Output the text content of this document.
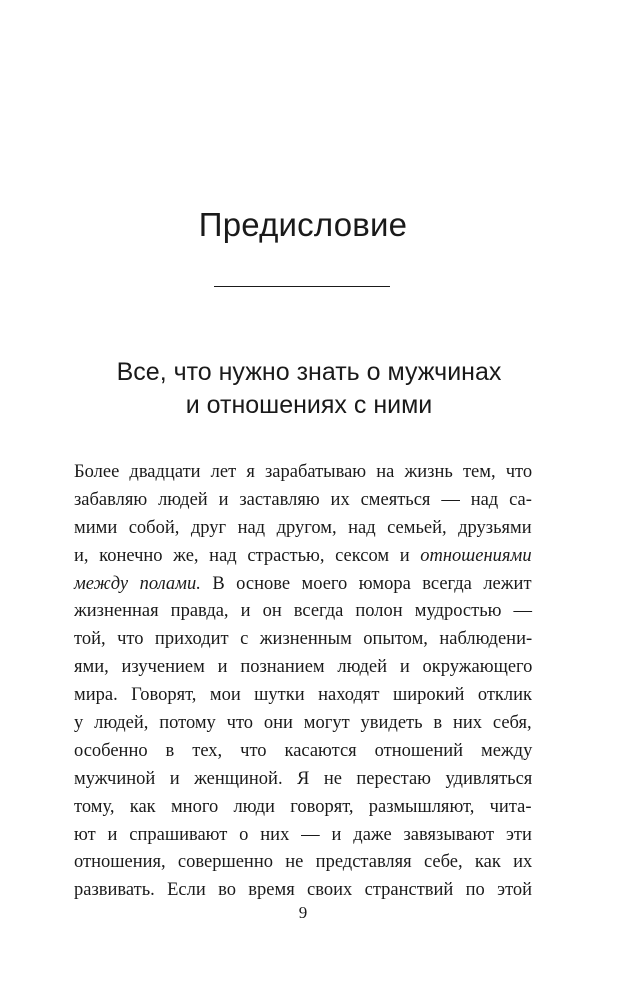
Предисловие
Все, что нужно знать о мужчинах
и отношениях с ними
Более двадцати лет я зарабатываю на жизнь тем, что
забавляю людей и заставляю их смеяться — над са-
мими собой, друг над другом, над семьей, друзьями
и, конечно же, над страстью, сексом и отношениями
между полами. В основе моего юмора всегда лежит
жизненная правда, и он всегда полон мудростью —
той, что приходит с жизненным опытом, наблюдени-
ями, изучением и познанием людей и окружающего
мира. Говорят, мои шутки находят широкий отклик
у людей, потому что они могут увидеть в них себя,
особенно в тех, что касаются отношений между
мужчиной и женщиной. Я не перестаю удивляться
тому, как много люди говорят, размышляют, чита-
ют и спрашивают о них — и даже завязывают эти
отношения, совершенно не представляя себе, как их
развивать. Если во время своих странствий по этой
9
